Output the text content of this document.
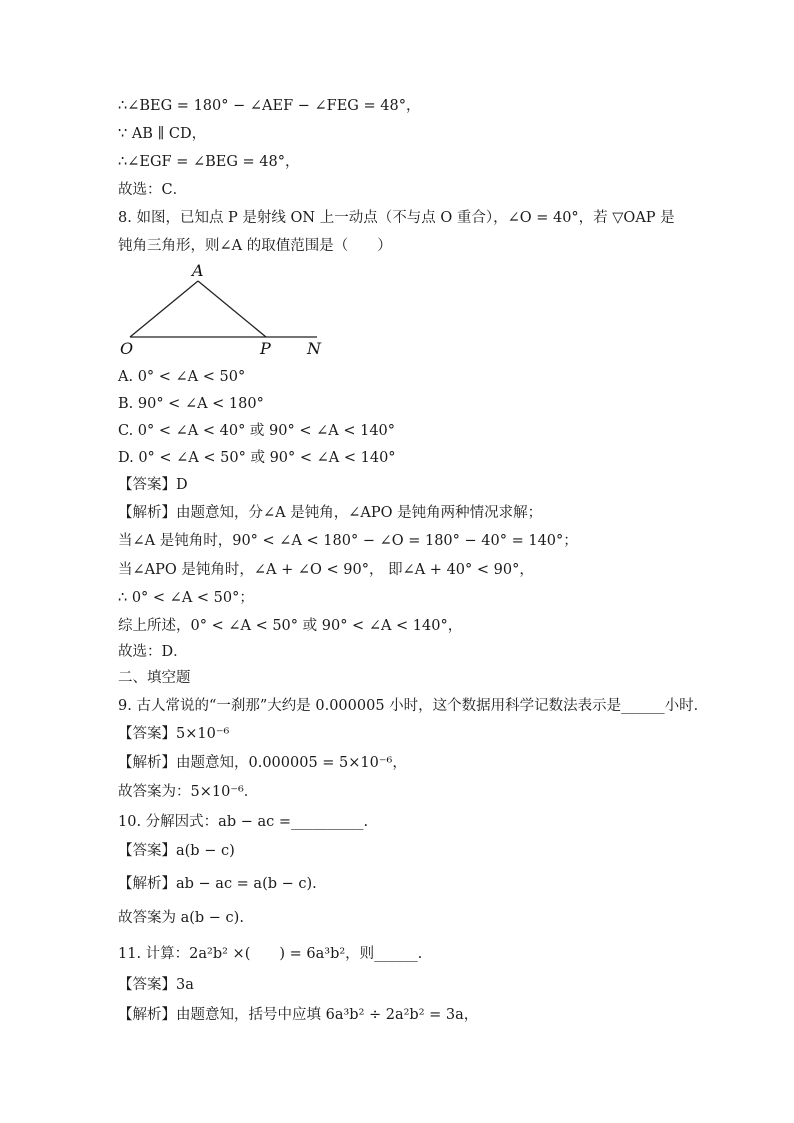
∴∠BEG = 180° − ∠AEF − ∠FEG = 48°，
∵ AB ∥ CD，
∴∠EGF = ∠BEG = 48°，
故选：C．
8. 如图，已知点 P 是射线 ON 上一动点（不与点 O 重合），∠O = 40°，若 ▽OAP 是钝角三角形，则∠A 的取值范围是（　　）
A
O	P N
A. 0° < ∠A < 50°
B. 90° < ∠A < 180°
C. 0° < ∠A < 40° 或 90° < ∠A < 140°
D. 0° < ∠A < 50° 或 90° < ∠A < 140°
【答案】D
【解析】由题意知，分∠A 是钝角，∠APO 是钝角两种情况求解；
当∠A 是钝角时，90° < ∠A < 180° − ∠O = 180° − 40° = 140°；
当∠APO 是钝角时，∠A + ∠O < 90°， 即∠A + 40° < 90°，
∴ 0° < ∠A < 50°；
综上所述，0° < ∠A < 50° 或 90° < ∠A < 140°，
故选：D．
二、填空题
9. 古人常说的“一刹那”大约是 0.000005 小时，这个数据用科学记数法表示是______小时．
【答案】5×10⁻⁶
【解析】由题意知，0.000005 = 5×10⁻⁶，
故答案为：5×10⁻⁶．
10. 分解因式：ab − ac =__________.
【答案】a(b − c)
【解析】ab − ac = a(b − c).
故答案为 a(b − c).
11. 计算：2a²b² ×(　　) = 6a³b²，则______.
【答案】3a
【解析】由题意知，括号中应填 6a³b² ÷ 2a²b² = 3a，
